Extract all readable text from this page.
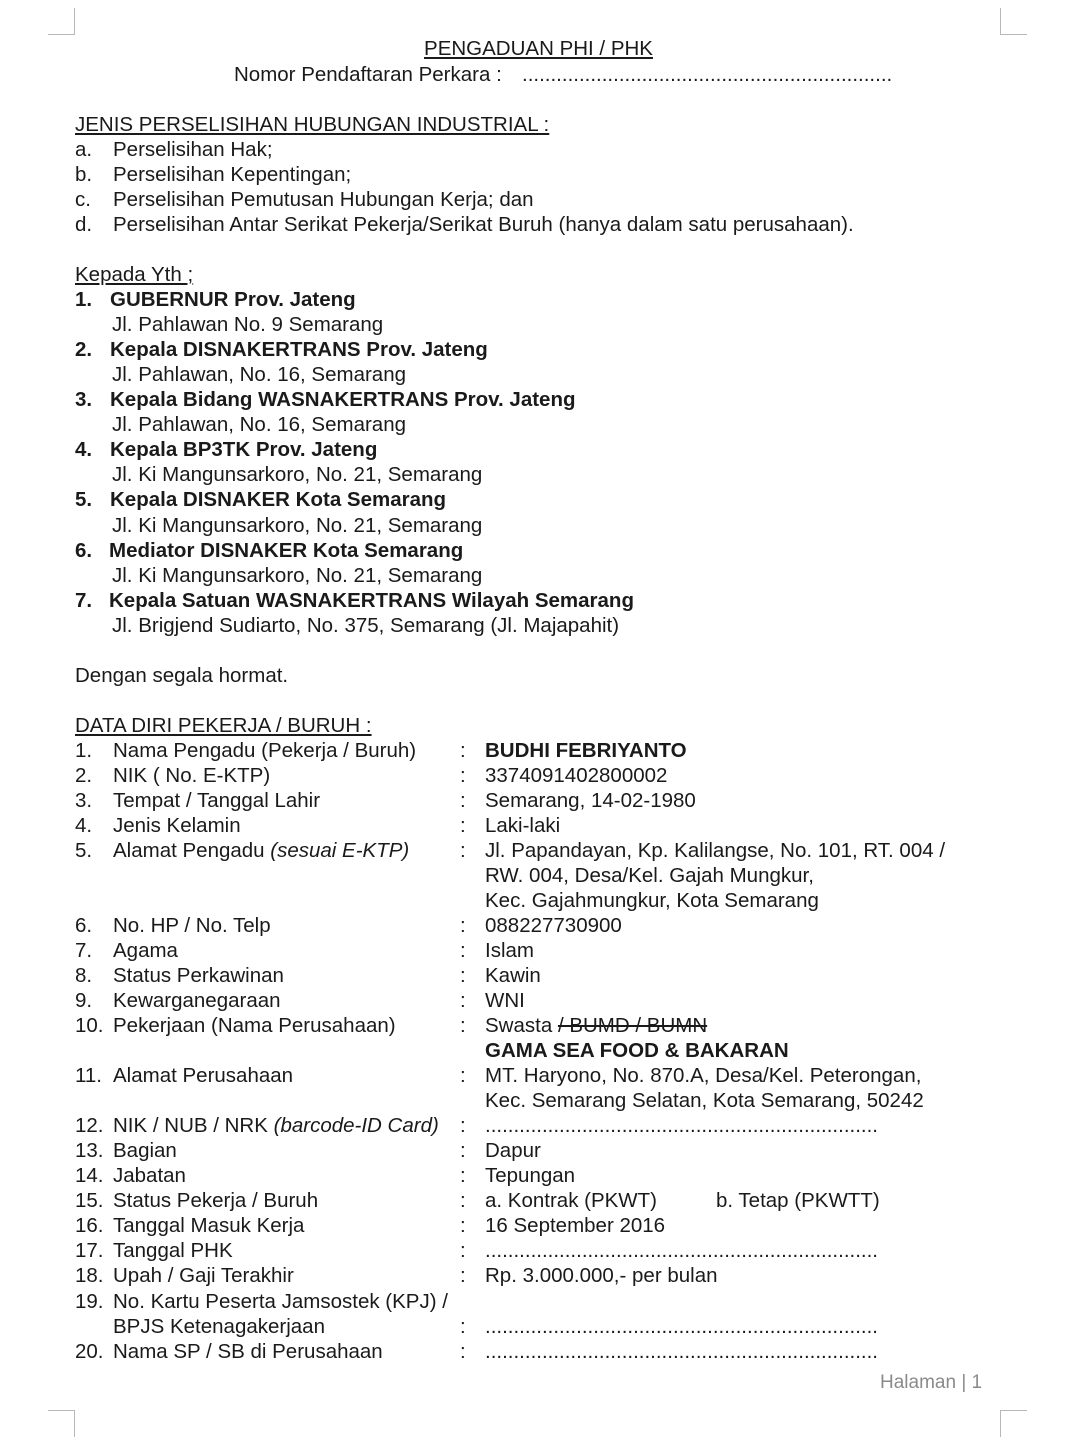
PENGADUAN PHI / PHK
Nomor Pendaftaran Perkara : .................................................................
JENIS PERSELISIHAN HUBUNGAN INDUSTRIAL :
a. Perselisihan Hak;
b. Perselisihan Kepentingan;
c. Perselisihan Pemutusan Hubungan Kerja; dan
d. Perselisihan Antar Serikat Pekerja/Serikat Buruh (hanya dalam satu perusahaan).
Kepada Yth ;
1. GUBERNUR Prov. Jateng
Jl. Pahlawan No. 9 Semarang
2. Kepala DISNAKERTRANS Prov. Jateng
Jl. Pahlawan, No. 16, Semarang
3. Kepala Bidang WASNAKERTRANS Prov. Jateng
Jl. Pahlawan, No. 16, Semarang
4. Kepala BP3TK Prov. Jateng
Jl. Ki Mangunsarkoro, No. 21, Semarang
5. Kepala DISNAKER Kota Semarang
Jl. Ki Mangunsarkoro, No. 21, Semarang
6. Mediator DISNAKER Kota Semarang
Jl. Ki Mangunsarkoro, No. 21, Semarang
7. Kepala Satuan WASNAKERTRANS Wilayah Semarang
Jl. Brigjend Sudiarto, No. 375, Semarang (Jl. Majapahit)
Dengan segala hormat.
DATA DIRI PEKERJA / BURUH :
1. Nama Pengadu (Pekerja / Buruh) : BUDHI FEBRIYANTO
2. NIK ( No. E-KTP)	: 3374091402800002
3. Tempat / Tanggal Lahir	: Semarang, 14-02-1980
4. Jenis Kelamin	: Laki-laki
5. Alamat Pengadu (sesuai E-KTP) : Jl. Papandayan, Kp. Kalilangse, No. 101, RT. 004 /
RW. 004, Desa/Kel. Gajah Mungkur,
Kec. Gajahmungkur, Kota Semarang
6. No. HP / No. Telp	: 088227730900
7. Agama	: Islam
8. Status Perkawinan	: Kawin
9. Kewarganegaraan	: WNI
10. Pekerjaan (Nama Perusahaan)	: Swasta / BUMD / BUMN
GAMA SEA FOOD & BAKARAN
11. Alamat Perusahaan	: MT. Haryono, No. 870.A, Desa/Kel. Peterongan,
Kec. Semarang Selatan, Kota Semarang, 50242
12. NIK / NUB / NRK (barcode-ID Card) : .....................................................................
13. Bagian	: Dapur
14. Jabatan	: Tepungan
15. Status Pekerja / Buruh	: a. Kontrak (PKWT)	b. Tetap (PKWTT)
16. Tanggal Masuk Kerja	: 16 September 2016
17. Tanggal PHK	: .....................................................................
18. Upah / Gaji Terakhir	: Rp. 3.000.000,- per bulan
19. No. Kartu Peserta Jamsostek (KPJ) /
BPJS Ketenagakerjaan	: .....................................................................
20. Nama SP / SB di Perusahaan	: .....................................................................
Halaman | 1
